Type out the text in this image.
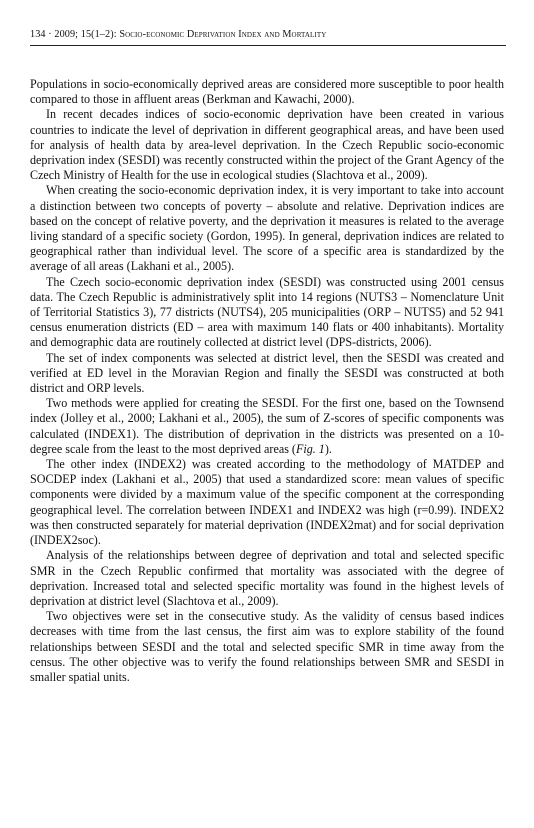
134 · 2009; 15(1–2): Socio-economic Deprivation Index and Mortality

Populations in socio-economically deprived areas are considered more susceptible to poor health compared to those in affluent areas (Berkman and Kawachi, 2000).

In recent decades indices of socio-economic deprivation have been created in various countries to indicate the level of deprivation in different geographical areas, and have been used for analysis of health data by area-level deprivation. In the Czech Republic socio-economic deprivation index (SESDI) was recently constructed within the project of the Grant Agency of the Czech Ministry of Health for the use in ecological studies (Slachtova et al., 2009).

When creating the socio-economic deprivation index, it is very important to take into account a distinction between two concepts of poverty – absolute and relative. Deprivation indices are based on the concept of relative poverty, and the deprivation it measures is related to the average living standard of a specific society (Gordon, 1995). In general, deprivation indices are related to geographical rather than individual level. The score of a specific area is standardized by the average of all areas (Lakhani et al., 2005).

The Czech socio-economic deprivation index (SESDI) was constructed using 2001 census data. The Czech Republic is administratively split into 14 regions (NUTS3 – Nomenclature Unit of Territorial Statistics 3), 77 districts (NUTS4), 205 municipalities (ORP – NUTS5) and 52 941 census enumeration districts (ED – area with maximum 140 flats or 400 inhabitants). Mortality and demographic data are routinely collected at district level (DPS-districts, 2006).

The set of index components was selected at district level, then the SESDI was created and verified at ED level in the Moravian Region and finally the SESDI was constructed at both district and ORP levels.

Two methods were applied for creating the SESDI. For the first one, based on the Townsend index (Jolley et al., 2000; Lakhani et al., 2005), the sum of Z-scores of specific components was calculated (INDEX1). The distribution of deprivation in the districts was presented on a 10-degree scale from the least to the most deprived areas (Fig. 1).

The other index (INDEX2) was created according to the methodology of MATDEP and SOCDEP index (Lakhani et al., 2005) that used a standardized score: mean values of specific components were divided by a maximum value of the specific component at the corresponding geographical level. The correlation between INDEX1 and INDEX2 was high (r=0.99). INDEX2 was then constructed separately for material deprivation (INDEX2mat) and for social deprivation (INDEX2soc).

Analysis of the relationships between degree of deprivation and total and selected specific SMR in the Czech Republic confirmed that mortality was associated with the degree of deprivation. Increased total and selected specific mortality was found in the highest levels of deprivation at district level (Slachtova et al., 2009).

Two objectives were set in the consecutive study. As the validity of census based indices decreases with time from the last census, the first aim was to explore stability of the found relationships between SESDI and the total and selected specific SMR in time away from the census. The other objective was to verify the found relationships between SMR and SESDI in smaller spatial units.
